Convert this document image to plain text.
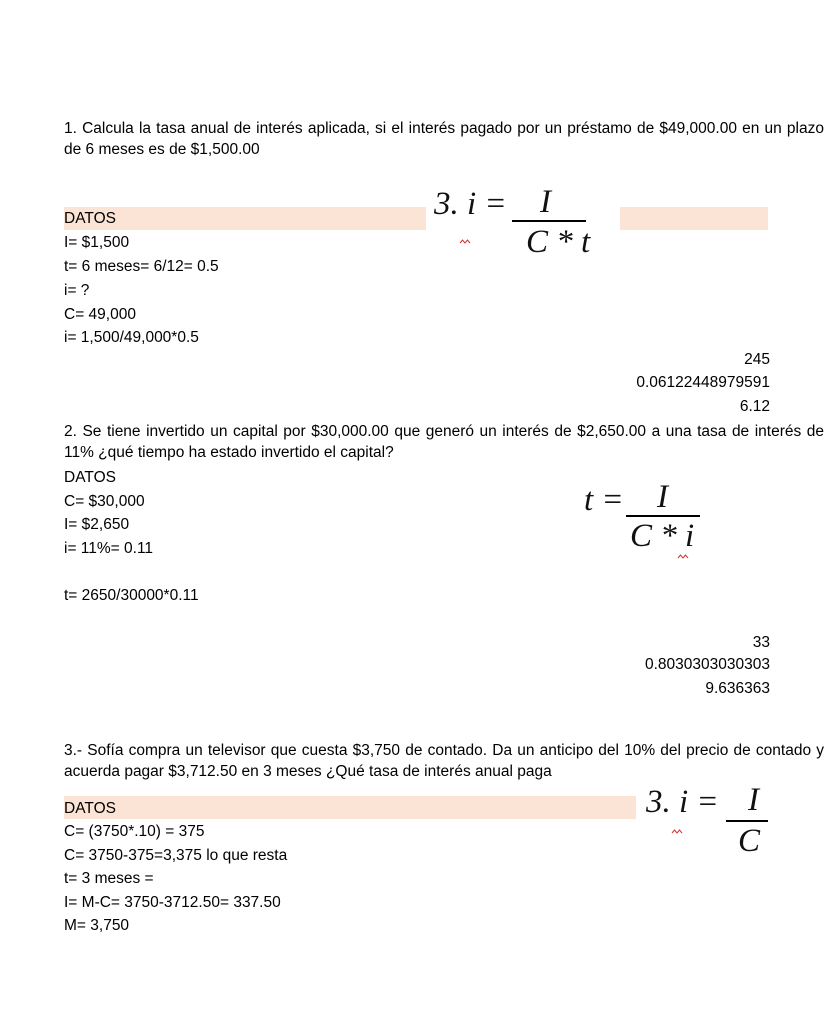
1. Calcula la tasa anual de interés aplicada, si el interés pagado por un préstamo de $49,000.00 en un plazo de 6 meses es de $1,500.00
DATOS
I= $1,500
t= 6 meses= 6/12= 0.5
i= ?
C= 49,000
i= 1,500/49,000*0.5
3. i = I
C * t
245
0.06122448979591
6.12
2. Se tiene invertido un capital por $30,000.00 que generó un interés de $2,650.00 a una tasa de interés de 11% ¿qué tiempo ha estado invertido el capital?
DATOS
C= $30,000
I= $2,650
i= 11%= 0.11
t= 2650/30000*0.11
t = I
C * i
33
0.8030303030303
9.636363
3.- Sofía compra un televisor que cuesta $3,750 de contado. Da un anticipo del 10% del precio de contado y acuerda pagar $3,712.50 en 3 meses ¿Qué tasa de interés anual paga
DATOS
C= (3750*.10) = 375
C= 3750-375=3,375 lo que resta
t= 3 meses =
I= M-C= 3750-3712.50= 337.50
M= 3,750
3. i = I
C
